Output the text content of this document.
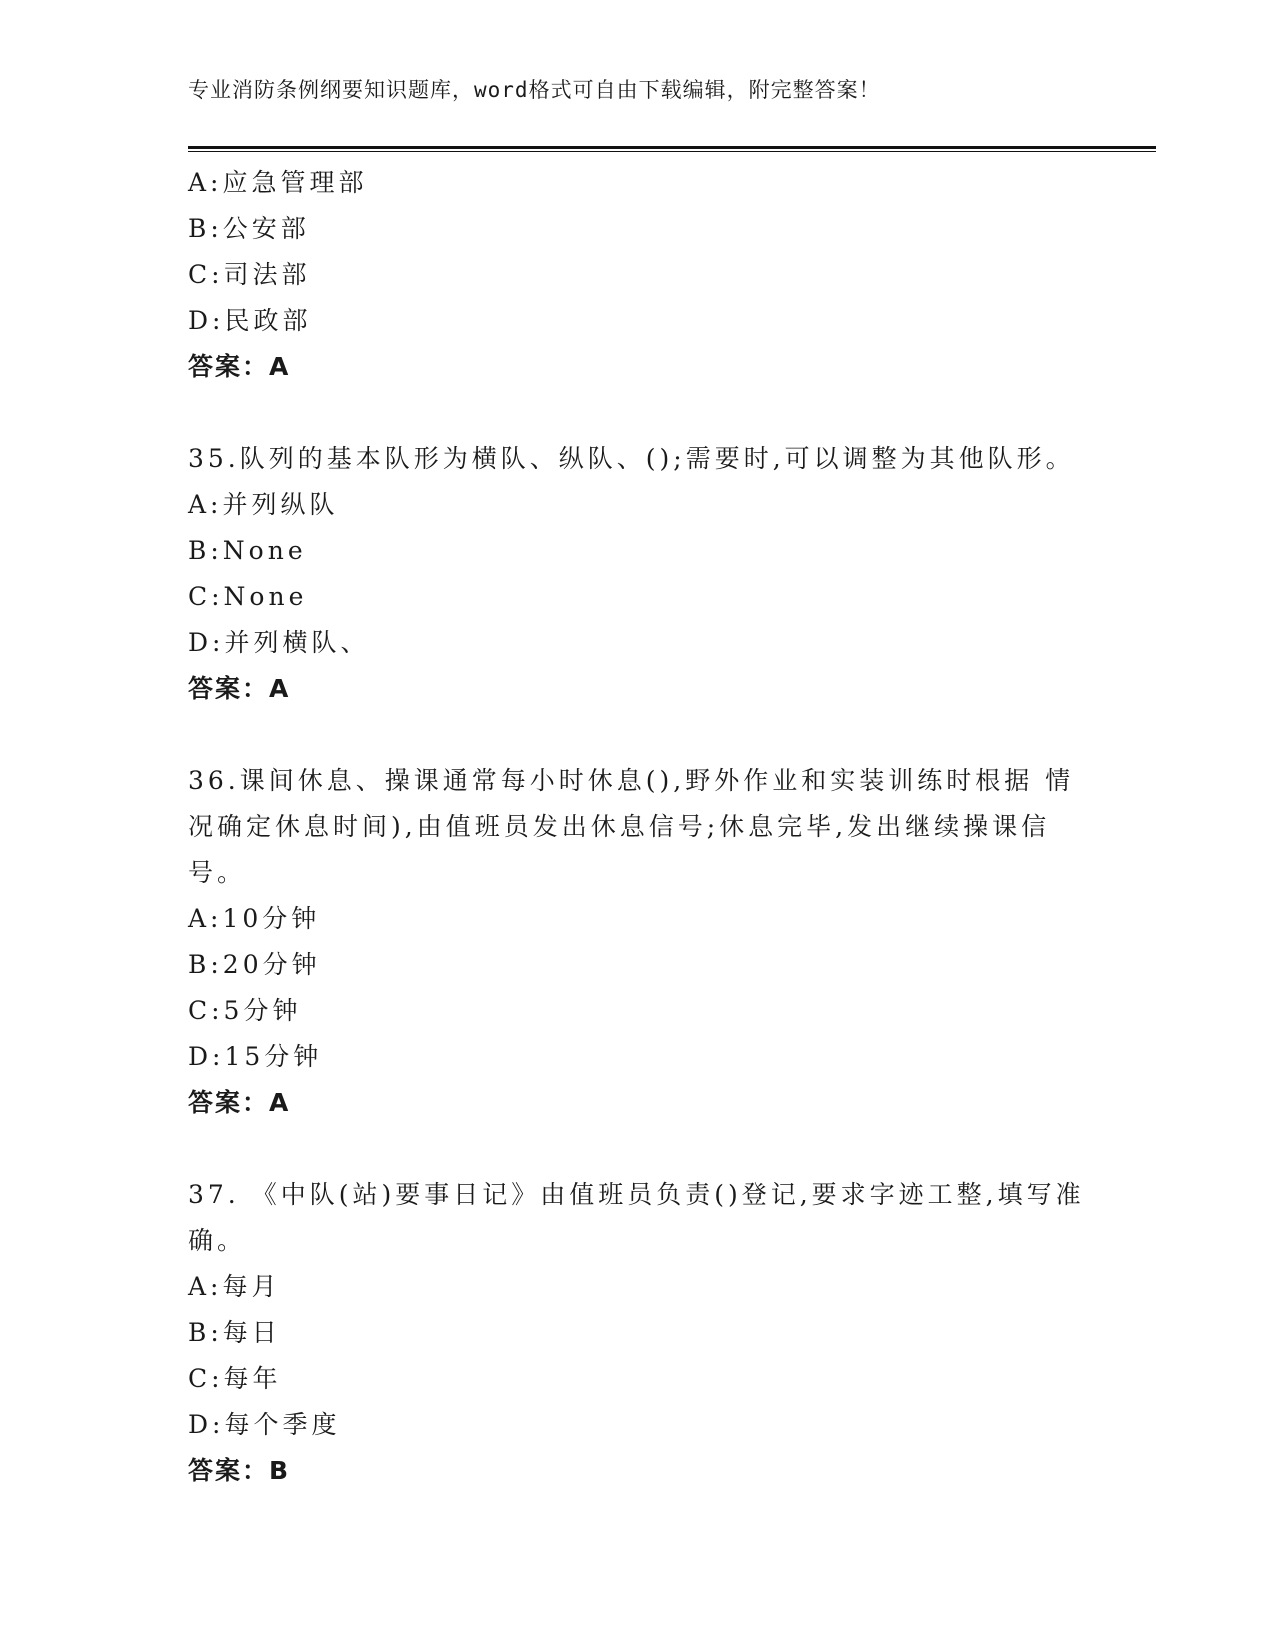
专业消防条例纲要知识题库，word格式可自由下载编辑，附完整答案！
A:应急管理部
B:公安部
C:司法部
D:民政部
答案：A
35.队列的基本队形为横队、纵队、();需要时,可以调整为其他队形。
A:并列纵队
B:None
C:None
D:并列横队、
答案：A
36.课间休息、操课通常每小时休息(),野外作业和实装训练时根据 情况确定休息时间),由值班员发出休息信号;休息完毕,发出继续操课信号。
A:10分钟
B:20分钟
C:5分钟
D:15分钟
答案：A
37. 《中队(站)要事日记》由值班员负责()登记,要求字迹工整,填写准确。
A:每月
B:每日
C:每年
D:每个季度
答案：B
